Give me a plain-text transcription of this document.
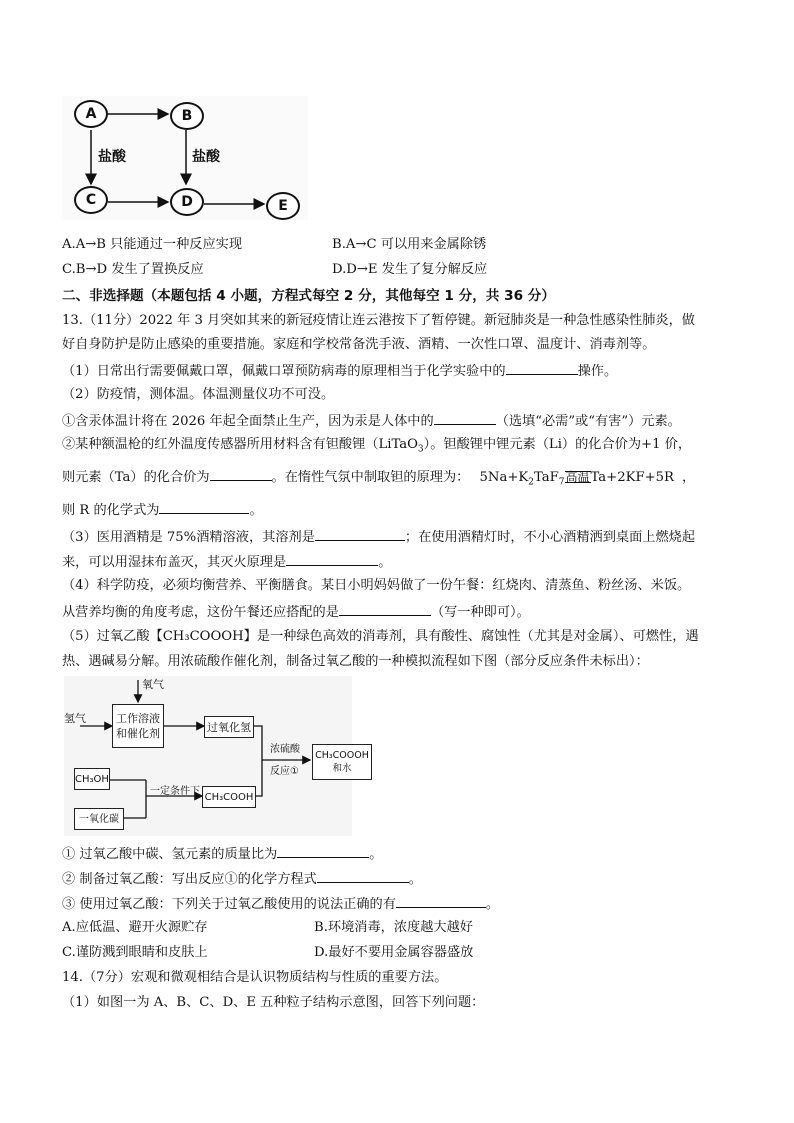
A	B
C	D	E
盐酸	盐酸
A.A→B 只能通过一种反应实现	B.A→C 可以用来金属除锈
C.B→D 发生了置换反应	D.D→E 发生了复分解反应
二、非选择题（本题包括 4 小题，方程式每空 2 分，其他每空 1 分，共 36 分）
13.（11分）2022 年 3 月突如其来的新冠疫情让连云港按下了暂停键。新冠肺炎是一种急性感染性肺炎，做
好自身防护是防止感染的重要措施。家庭和学校常备洗手液、酒精、一次性口罩、温度计、消毒剂等。
（1）日常出行需要佩戴口罩，佩戴口罩预防病毒的原理相当于化学实验中的	操作。
（2）防疫情，测体温。体温测量仪功不可没。
①含汞体温计将在 2026 年起全面禁止生产，因为汞是人体中的	（选填“必需”或“有害”）元素。
②某种额温枪的红外温度传感器所用材料含有钽酸锂（LiTaO$_3$）。钽酸锂中锂元素（Li）的化合价为+1 价，
则元素（Ta）的化合价为	。在惰性气氛中制取钽的原理为： $5Na+K_2TaF_7$高温Ta+2KF+5R ，
则 R 的化学式为	。
（3）医用酒精是 75%酒精溶液，其溶剂是	；在使用酒精灯时，不小心酒精洒到桌面上燃烧起
来，可以用湿抹布盖灭，其灭火原理是	。
（4）科学防疫，必须均衡营养、平衡膳食。某日小明妈妈做了一份午餐：红烧肉、清蒸鱼、粉丝汤、米饭。
从营养均衡的角度考虑，这份午餐还应搭配的是	（写一种即可）。
（5）过氧乙酸【CH₃COOOH】是一种绿色高效的消毒剂，具有酸性、腐蚀性（尤其是对金属）、可燃性，遇
热、遇碱易分解。用浓硫酸作催化剂，制备过氧乙酸的一种模拟流程如下图（部分反应条件未标出）：
氧气
氢气	工作溶液和催化剂	过氧化氢
CH₃OH
一氧化碳
一定条件下 CH₃COOH
浓硫酸
反应①
CH₃COOOH
和水
① 过氧乙酸中碳、氢元素的质量比为	。
② 制备过氧乙酸：写出反应①的化学方程式	。
③ 使用过氧乙酸：下列关于过氧乙酸使用的说法正确的有	。
A.应低温、避开火源贮存	B.环境消毒，浓度越大越好
C.谨防溅到眼睛和皮肤上	D.最好不要用金属容器盛放
14.（7分）宏观和微观相结合是认识物质结构与性质的重要方法。
（1）如图一为 A、B、C、D、E 五种粒子结构示意图，回答下列问题：
